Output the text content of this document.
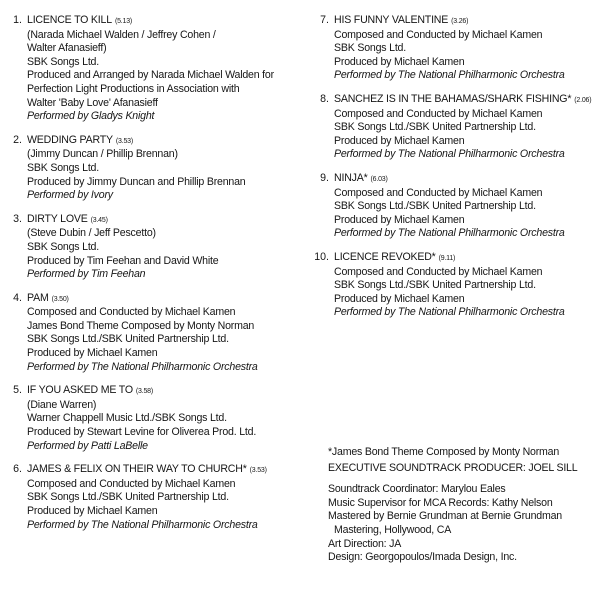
1. LICENCE TO KILL (5.13)
(Narada Michael Walden / Jeffrey Cohen /
Walter Afanasieff)
SBK Songs Ltd.
Produced and Arranged by Narada Michael Walden for
Perfection Light Productions in Association with
Walter 'Baby Love' Afanasieff
Performed by Gladys Knight
2. WEDDING PARTY (3.53)
(Jimmy Duncan / Phillip Brennan)
SBK Songs Ltd.
Produced by Jimmy Duncan and Phillip Brennan
Performed by Ivory
3. DIRTY LOVE (3.45)
(Steve Dubin / Jeff Pescetto)
SBK Songs Ltd.
Produced by Tim Feehan and David White
Performed by Tim Feehan
4. PAM (3.50)
Composed and Conducted by Michael Kamen
James Bond Theme Composed by Monty Norman
SBK Songs Ltd./SBK United Partnership Ltd.
Produced by Michael Kamen
Performed by The National Philharmonic Orchestra
5. IF YOU ASKED ME TO (3.58)
(Diane Warren)
Warner Chappell Music Ltd./SBK Songs Ltd.
Produced by Stewart Levine for Oliverea Prod. Ltd.
Performed by Patti LaBelle
6. JAMES & FELIX ON THEIR WAY TO CHURCH* (3.53)
Composed and Conducted by Michael Kamen
SBK Songs Ltd./SBK United Partnership Ltd.
Produced by Michael Kamen
Performed by The National Philharmonic Orchestra
7. HIS FUNNY VALENTINE (3.26)
Composed and Conducted by Michael Kamen
SBK Songs Ltd.
Produced by Michael Kamen
Performed by The National Philharmonic Orchestra
8. SANCHEZ IS IN THE BAHAMAS/SHARK FISHING* (2.06)
Composed and Conducted by Michael Kamen
SBK Songs Ltd./SBK United Partnership Ltd.
Produced by Michael Kamen
Performed by The National Philharmonic Orchestra
9. NINJA* (6.03)
Composed and Conducted by Michael Kamen
SBK Songs Ltd./SBK United Partnership Ltd.
Produced by Michael Kamen
Performed by The National Philharmonic Orchestra
10. LICENCE REVOKED* (9.11)
Composed and Conducted by Michael Kamen
SBK Songs Ltd./SBK United Partnership Ltd.
Produced by Michael Kamen
Performed by The National Philharmonic Orchestra
*James Bond Theme Composed by Monty Norman
EXECUTIVE SOUNDTRACK PRODUCER: JOEL SILL
Soundtrack Coordinator: Marylou Eales
Music Supervisor for MCA Records: Kathy Nelson
Mastered by Bernie Grundman at Bernie Grundman
Mastering, Hollywood, CA
Art Direction: JA
Design: Georgopoulos/Imada Design, Inc.
